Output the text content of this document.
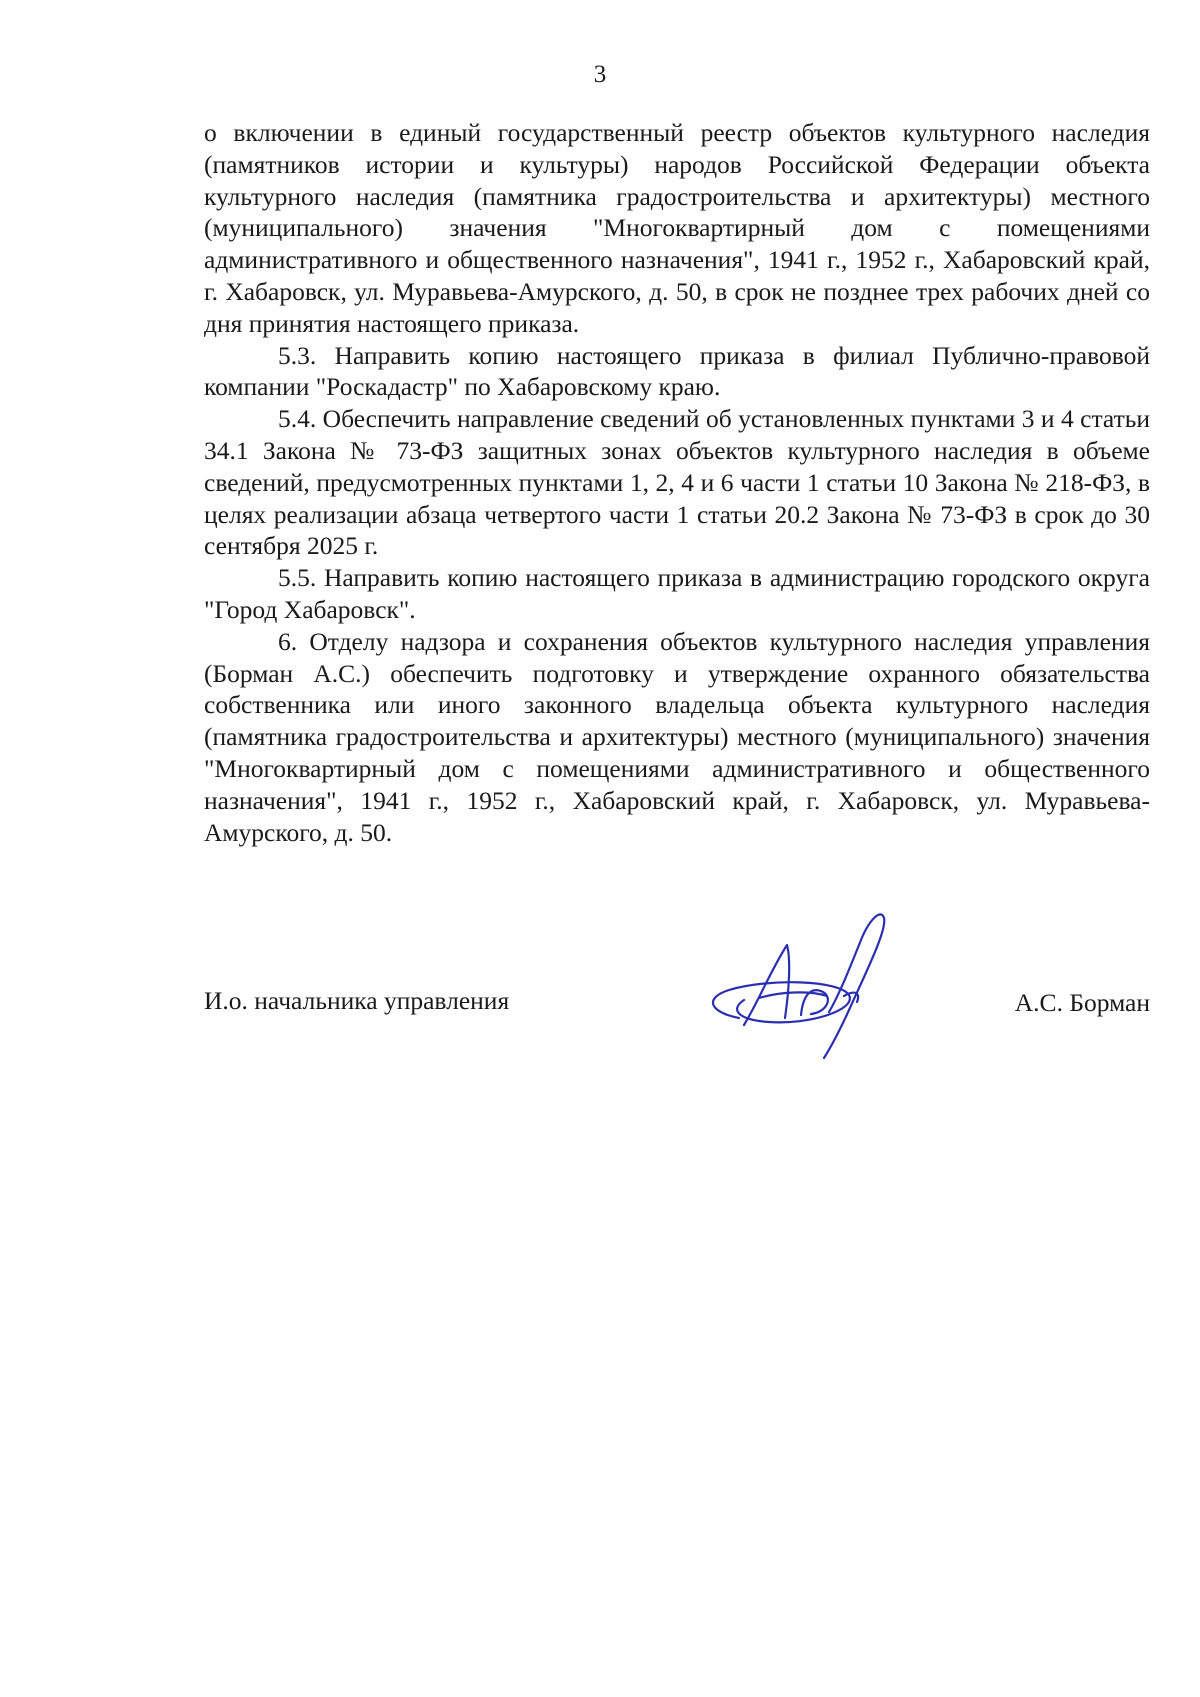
3

о включении в единый государственный реестр объектов культурного наследия (памятников истории и культуры) народов Российской Федерации объекта культурного наследия (памятника градостроительства и архитектуры) местного (муниципального) значения "Многоквартирный дом с помещениями административного и общественного назначения", 1941 г., 1952 г., Хабаровский край, г. Хабаровск, ул. Муравьева-Амурского, д. 50, в срок не позднее трех рабочих дней со дня принятия настоящего приказа.

5.3. Направить копию настоящего приказа в филиал Публично-правовой компании "Роскадастр" по Хабаровскому краю.

5.4. Обеспечить направление сведений об установленных пунктами 3 и 4 статьи 34.1 Закона № 73-ФЗ защитных зонах объектов культурного наследия в объеме сведений, предусмотренных пунктами 1, 2, 4 и 6 части 1 статьи 10 Закона № 218-ФЗ, в целях реализации абзаца четвертого части 1 статьи 20.2 Закона № 73-ФЗ в срок до 30 сентября 2025 г.

5.5. Направить копию настоящего приказа в администрацию городского округа "Город Хабаровск".

6. Отделу надзора и сохранения объектов культурного наследия управления (Борман А.С.) обеспечить подготовку и утверждение охранного обязательства собственника или иного законного владельца объекта культурного наследия (памятника градостроительства и архитектуры) местного (муниципального) значения "Многоквартирный дом с помещениями административного и общественного назначения", 1941 г., 1952 г., Хабаровский край, г. Хабаровск, ул. Муравьева-Амурского, д. 50.

И.о. начальника управления	А.С. Борман
